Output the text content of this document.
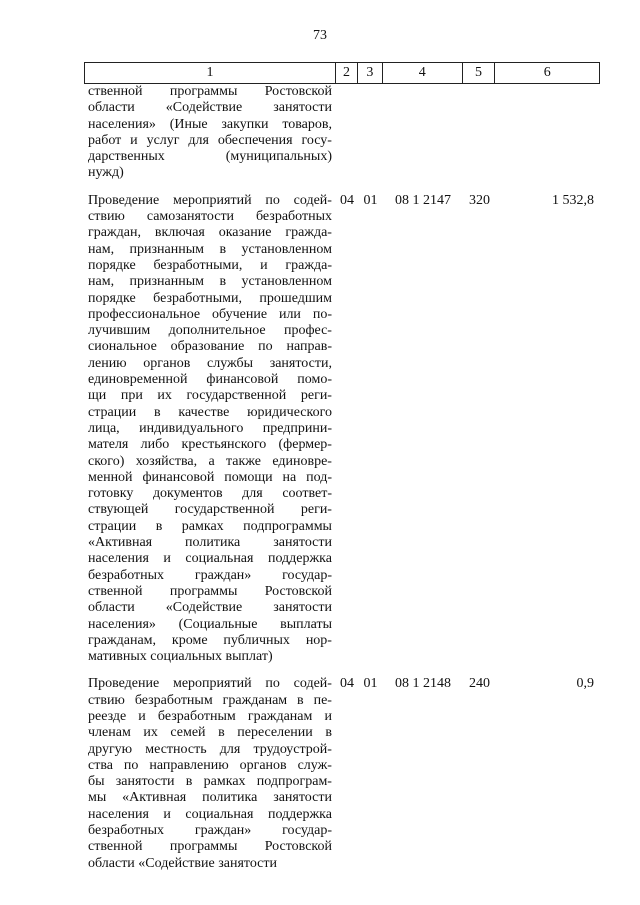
73
1	2	3	4	5	6
ственной программы Ростовской
области «Содействие занятости
населения» (Иные закупки товаров,
работ и услуг для обеспечения госу-
дарственных	(муниципальных)
нужд)
Проведение мероприятий по содей-
ствию самозанятости безработных
граждан, включая оказание гражда-
нам, признанным в установленном
порядке безработными, и гражда-
нам, признанным в установленном
порядке безработными, прошедшим
профессиональное обучение или по-
лучившим дополнительное профес-
сиональное образование по направ-
лению органов службы занятости,
единовременной финансовой помо-
щи при их государственной реги-
страции в качестве юридического
лица, индивидуального предприни-
мателя либо крестьянского (фермер-
ского) хозяйства, а также единовре-
менной финансовой помощи на под-
готовку документов для соответ-
ствующей государственной реги-
страции в рамках подпрограммы
«Активная политика занятости
населения и социальная поддержка
безработных граждан» государ-
ственной программы Ростовской
области «Содействие занятости
населения» (Социальные выплаты
гражданам, кроме публичных нор-
мативных социальных выплат)
04 01	08 1 2147	320	1 532,8
Проведение мероприятий по содей-
ствию безработным гражданам в пе-
реезде и безработным гражданам и
членам их семей в переселении в
другую местность для трудоустрой-
ства по направлению органов служ-
бы занятости в рамках подпрограм-
мы «Активная политика занятости
населения и социальная поддержка
безработных граждан» государ-
ственной программы Ростовской
области «Содействие занятости
04 01	08 1 2148	240	0,9
